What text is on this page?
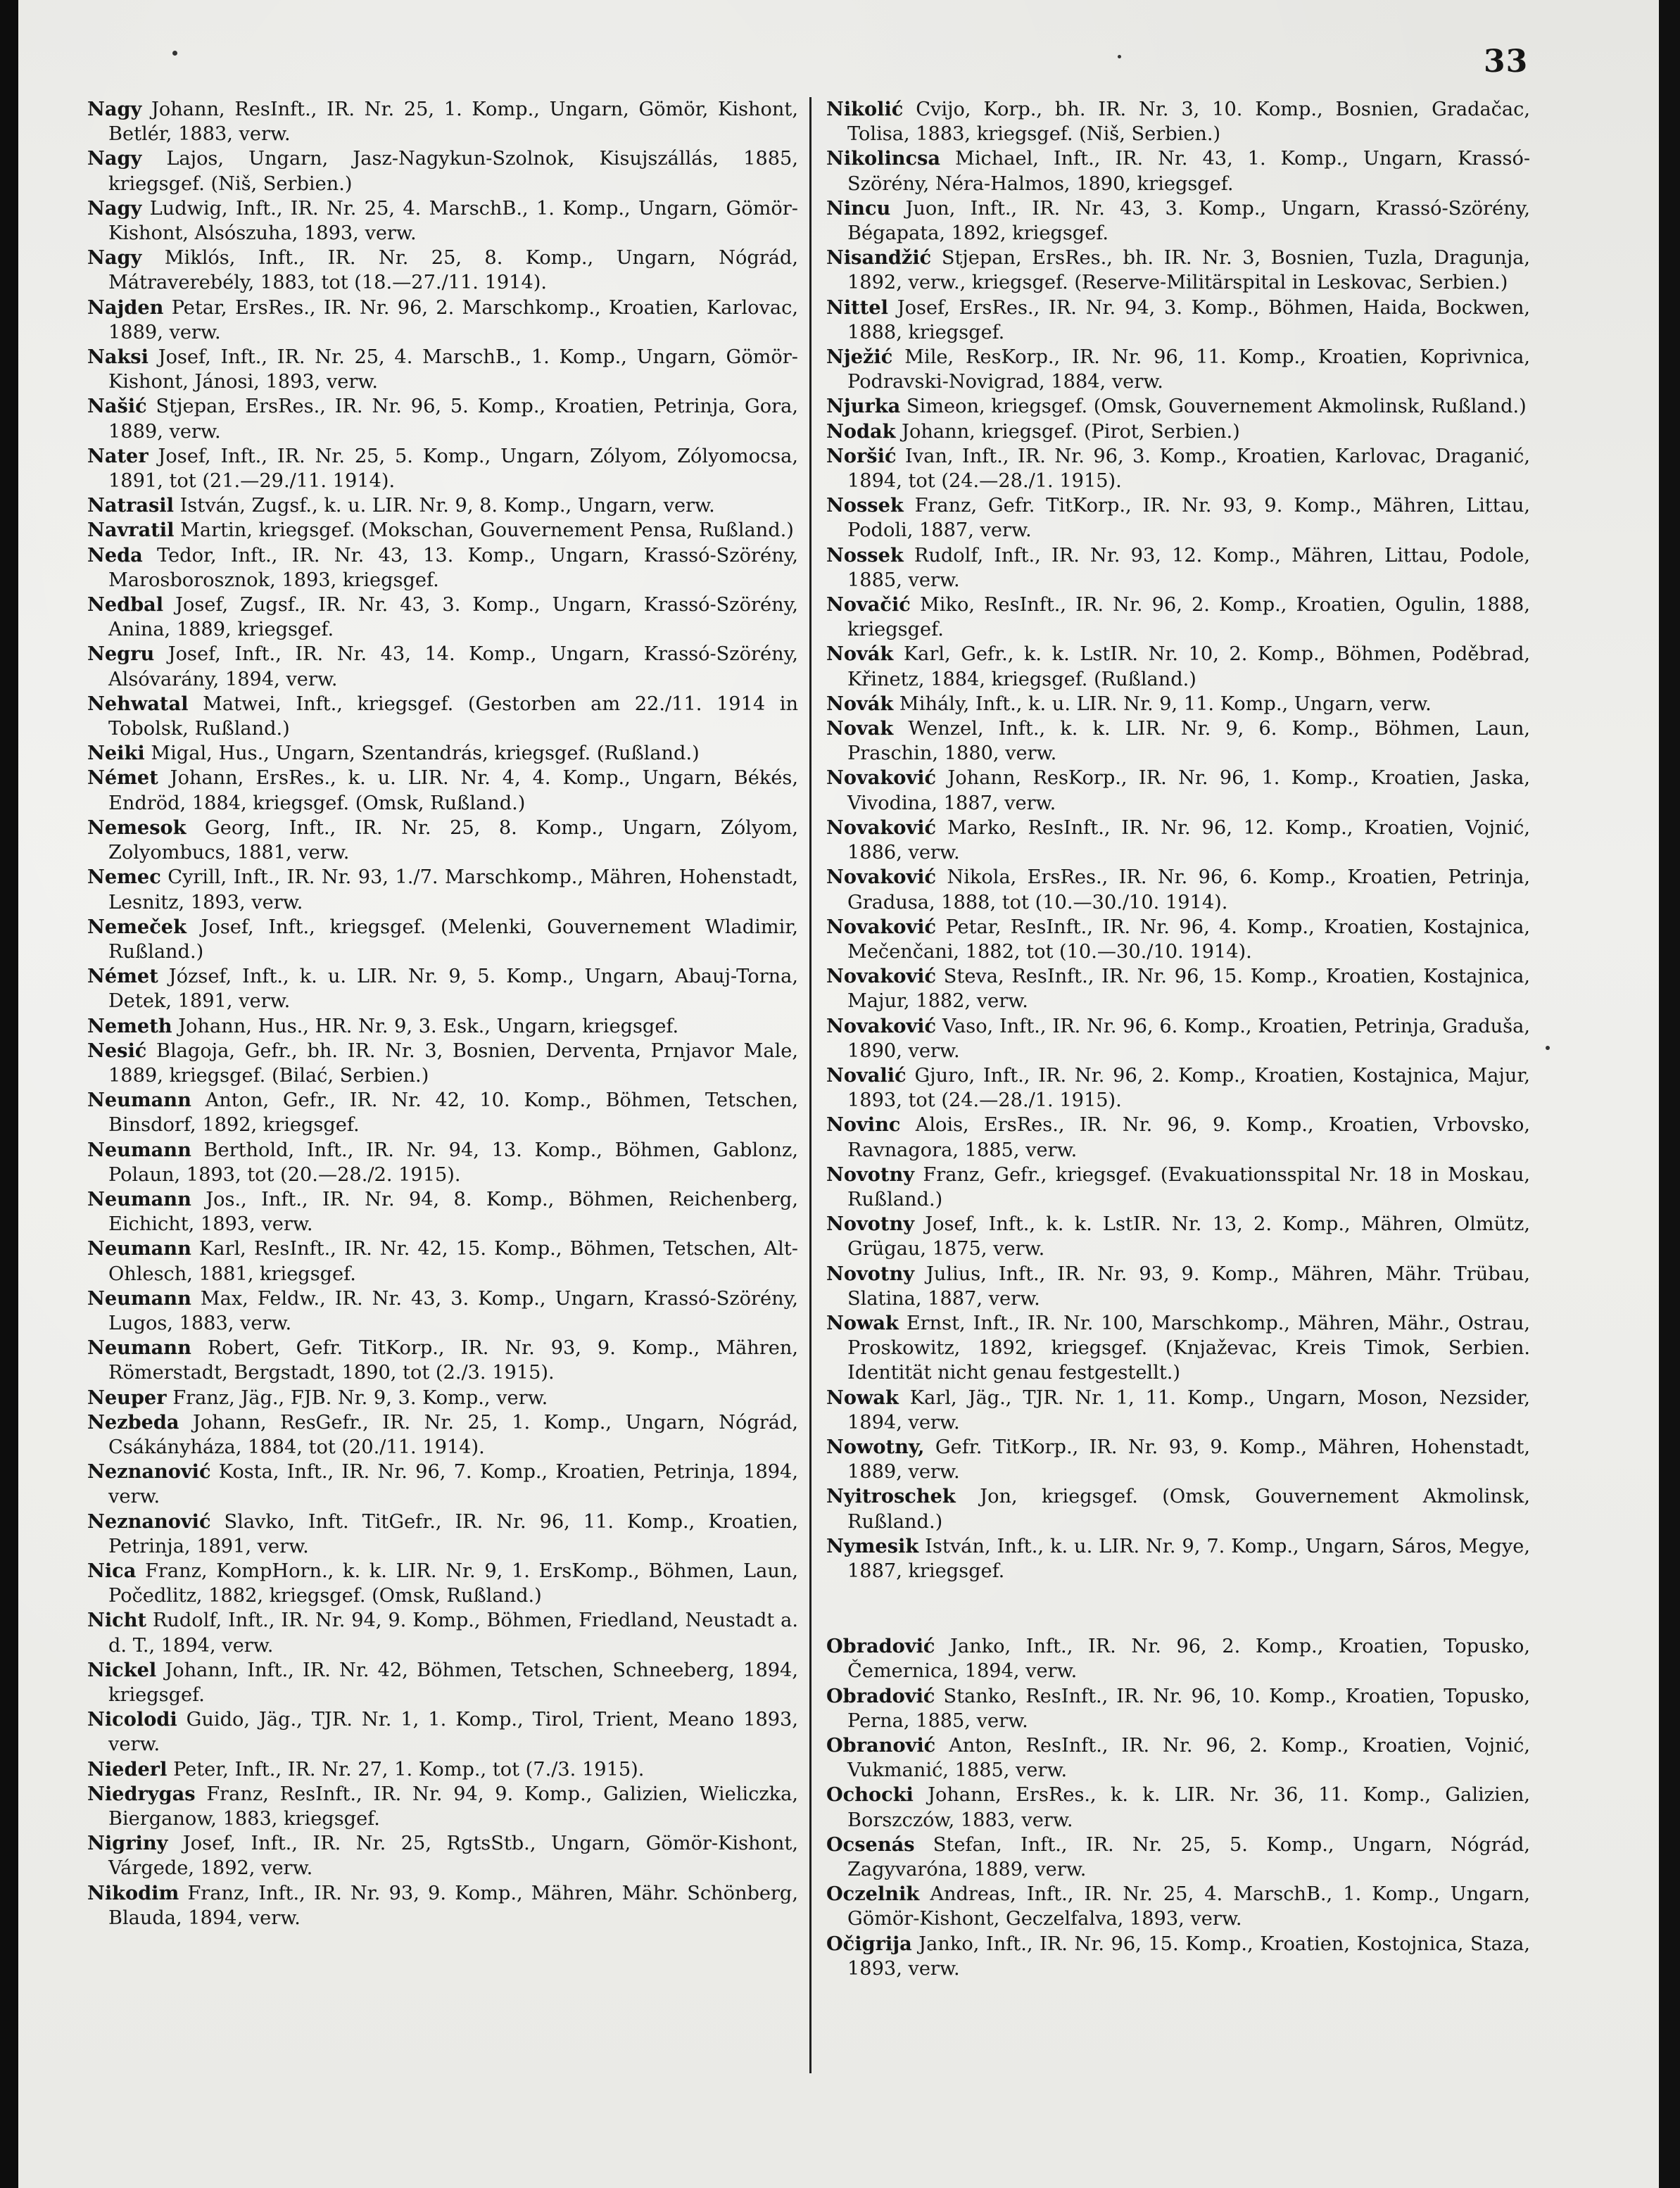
33
Nagy Johann, ResInft., IR. Nr. 25, 1. Komp., Ungarn, Gömör, Kishont, Betlér, 1883, verw.
Nagy Lajos, Ungarn, Jasz-Nagykun-Szolnok, Kisujszállás, 1885, kriegsgef. (Niš, Serbien.)
Nagy Ludwig, Inft., IR. Nr. 25, 4. MarschB., 1. Komp., Ungarn, Gömör-Kishont, Alsószuha, 1893, verw.
Nagy Miklós, Inft., IR. Nr. 25, 8. Komp., Ungarn, Nógrád, Mátraverebély, 1883, tot (18.—27./11. 1914).
Najden Petar, ErsRes., IR. Nr. 96, 2. Marschkomp., Kroatien, Karlovac, 1889, verw.
Naksi Josef, Inft., IR. Nr. 25, 4. MarschB., 1. Komp., Ungarn, Gömör-Kishont, Jánosi, 1893, verw.
Našić Stjepan, ErsRes., IR. Nr. 96, 5. Komp., Kroatien, Petrinja, Gora, 1889, verw.
Nater Josef, Inft., IR. Nr. 25, 5. Komp., Ungarn, Zólyom, Zólyomocsa, 1891, tot (21.—29./11. 1914).
Natrasil István, Zugsf., k. u. LIR. Nr. 9, 8. Komp., Ungarn, verw.
Navratil Martin, kriegsgef. (Mokschan, Gouvernement Pensa, Rußland.)
Neda Tedor, Inft., IR. Nr. 43, 13. Komp., Ungarn, Krassó-Szörény, Marosborosznok, 1893, kriegsgef.
Nedbal Josef, Zugsf., IR. Nr. 43, 3. Komp., Ungarn, Krassó-Szörény, Anina, 1889, kriegsgef.
Negru Josef, Inft., IR. Nr. 43, 14. Komp., Ungarn, Krassó-Szörény, Alsóvarány, 1894, verw.
Nehwatal Matwei, Inft., kriegsgef. (Gestorben am 22./11. 1914 in Tobolsk, Rußland.)
Neiki Migal, Hus., Ungarn, Szentandrás, kriegsgef. (Rußland.)
Német Johann, ErsRes., k. u. LIR. Nr. 4, 4. Komp., Ungarn, Békés, Endröd, 1884, kriegsgef. (Omsk, Rußland.)
Nemesok Georg, Inft., IR. Nr. 25, 8. Komp., Ungarn, Zólyom, Zolyombucs, 1881, verw.
Nemec Cyrill, Inft., IR. Nr. 93, 1./7. Marschkomp., Mähren, Hohenstadt, Lesnitz, 1893, verw.
Nemeček Josef, Inft., kriegsgef. (Melenki, Gouvernement Wladimir, Rußland.)
Német József, Inft., k. u. LIR. Nr. 9, 5. Komp., Ungarn, Abauj-Torna, Detek, 1891, verw.
Nemeth Johann, Hus., HR. Nr. 9, 3. Esk., Ungarn, kriegsgef.
Nesić Blagoja, Gefr., bh. IR. Nr. 3, Bosnien, Derventa, Prnjavor Male, 1889, kriegsgef. (Bilać, Serbien.)
Neumann Anton, Gefr., IR. Nr. 42, 10. Komp., Böhmen, Tetschen, Binsdorf, 1892, kriegsgef.
Neumann Berthold, Inft., IR. Nr. 94, 13. Komp., Böhmen, Gablonz, Polaun, 1893, tot (20.—28./2. 1915).
Neumann Jos., Inft., IR. Nr. 94, 8. Komp., Böhmen, Reichenberg, Eichicht, 1893, verw.
Neumann Karl, ResInft., IR. Nr. 42, 15. Komp., Böhmen, Tetschen, Alt-Ohlesch, 1881, kriegsgef.
Neumann Max, Feldw., IR. Nr. 43, 3. Komp., Ungarn, Krassó-Szörény, Lugos, 1883, verw.
Neumann Robert, Gefr. TitKorp., IR. Nr. 93, 9. Komp., Mähren, Römerstadt, Bergstadt, 1890, tot (2./3. 1915).
Neuper Franz, Jäg., FJB. Nr. 9, 3. Komp., verw.
Nezbeda Johann, ResGefr., IR. Nr. 25, 1. Komp., Ungarn, Nógrád, Csákányháza, 1884, tot (20./11. 1914).
Neznanović Kosta, Inft., IR. Nr. 96, 7. Komp., Kroatien, Petrinja, 1894, verw.
Neznanović Slavko, Inft. TitGefr., IR. Nr. 96, 11. Komp., Kroatien, Petrinja, 1891, verw.
Nica Franz, KompHorn., k. k. LIR. Nr. 9, 1. ErsKomp., Böhmen, Laun, Počedlitz, 1882, kriegsgef. (Omsk, Rußland.)
Nicht Rudolf, Inft., IR. Nr. 94, 9. Komp., Böhmen, Friedland, Neustadt a. d. T., 1894, verw.
Nickel Johann, Inft., IR. Nr. 42, Böhmen, Tetschen, Schneeberg, 1894, kriegsgef.
Nicolodi Guido, Jäg., TJR. Nr. 1, 1. Komp., Tirol, Trient, Meano 1893, verw.
Niederl Peter, Inft., IR. Nr. 27, 1. Komp., tot (7./3. 1915).
Niedrygas Franz, ResInft., IR. Nr. 94, 9. Komp., Galizien, Wieliczka, Bierganow, 1883, kriegsgef.
Nigriny Josef, Inft., IR. Nr. 25, RgtsStb., Ungarn, Gömör-Kishont, Várgede, 1892, verw.
Nikodim Franz, Inft., IR. Nr. 93, 9. Komp., Mähren, Mähr. Schönberg, Blauda, 1894, verw.
Nikolić Cvijo, Korp., bh. IR. Nr. 3, 10. Komp., Bosnien, Gradačac, Tolisa, 1883, kriegsgef. (Niš, Serbien.)
Nikolincsa Michael, Inft., IR. Nr. 43, 1. Komp., Ungarn, Krassó-Szörény, Néra-Halmos, 1890, kriegsgef.
Nincu Juon, Inft., IR. Nr. 43, 3. Komp., Ungarn, Krassó-Szörény, Bégapata, 1892, kriegsgef.
Nisandžić Stjepan, ErsRes., bh. IR. Nr. 3, Bosnien, Tuzla, Dragunja, 1892, verw., kriegsgef. (Reserve-Militärspital in Leskovac, Serbien.)
Nittel Josef, ErsRes., IR. Nr. 94, 3. Komp., Böhmen, Haida, Bockwen, 1888, kriegsgef.
Nježić Mile, ResKorp., IR. Nr. 96, 11. Komp., Kroatien, Koprivnica, Podravski-Novigrad, 1884, verw.
Njurka Simeon, kriegsgef. (Omsk, Gouvernement Akmolinsk, Rußland.)
Nodak Johann, kriegsgef. (Pirot, Serbien.)
Noršić Ivan, Inft., IR. Nr. 96, 3. Komp., Kroatien, Karlovac, Draganić, 1894, tot (24.—28./1. 1915).
Nossek Franz, Gefr. TitKorp., IR. Nr. 93, 9. Komp., Mähren, Littau, Podoli, 1887, verw.
Nossek Rudolf, Inft., IR. Nr. 93, 12. Komp., Mähren, Littau, Podole, 1885, verw.
Novačić Miko, ResInft., IR. Nr. 96, 2. Komp., Kroatien, Ogulin, 1888, kriegsgef.
Novák Karl, Gefr., k. k. LstIR. Nr. 10, 2. Komp., Böhmen, Poděbrad, Křinetz, 1884, kriegsgef. (Rußland.)
Novák Mihály, Inft., k. u. LIR. Nr. 9, 11. Komp., Ungarn, verw.
Novak Wenzel, Inft., k. k. LIR. Nr. 9, 6. Komp., Böhmen, Laun, Praschin, 1880, verw.
Novaković Johann, ResKorp., IR. Nr. 96, 1. Komp., Kroatien, Jaska, Vivodina, 1887, verw.
Novaković Marko, ResInft., IR. Nr. 96, 12. Komp., Kroatien, Vojnić, 1886, verw.
Novaković Nikola, ErsRes., IR. Nr. 96, 6. Komp., Kroatien, Petrinja, Gradusa, 1888, tot (10.—30./10. 1914).
Novaković Petar, ResInft., IR. Nr. 96, 4. Komp., Kroatien, Kostajnica, Mečenčani, 1882, tot (10.—30./10. 1914).
Novaković Steva, ResInft., IR. Nr. 96, 15. Komp., Kroatien, Kostajnica, Majur, 1882, verw.
Novaković Vaso, Inft., IR. Nr. 96, 6. Komp., Kroatien, Petrinja, Graduša, 1890, verw.
Novalić Gjuro, Inft., IR. Nr. 96, 2. Komp., Kroatien, Kostajnica, Majur, 1893, tot (24.—28./1. 1915).
Novinc Alois, ErsRes., IR. Nr. 96, 9. Komp., Kroatien, Vrbovsko, Ravnagora, 1885, verw.
Novotny Franz, Gefr., kriegsgef. (Evakuationsspital Nr. 18 in Moskau, Rußland.)
Novotny Josef, Inft., k. k. LstIR. Nr. 13, 2. Komp., Mähren, Olmütz, Grügau, 1875, verw.
Novotny Julius, Inft., IR. Nr. 93, 9. Komp., Mähren, Mähr. Trübau, Slatina, 1887, verw.
Nowak Ernst, Inft., IR. Nr. 100, Marschkomp., Mähren, Mähr., Ostrau, Proskowitz, 1892, kriegsgef. (Knjaževac, Kreis Timok, Serbien. Identität nicht genau festgestellt.)
Nowak Karl, Jäg., TJR. Nr. 1, 11. Komp., Ungarn, Moson, Nezsider, 1894, verw.
Nowotny, Gefr. TitKorp., IR. Nr. 93, 9. Komp., Mähren, Hohenstadt, 1889, verw.
Nyitroschek Jon, kriegsgef. (Omsk, Gouvernement Akmolinsk, Rußland.)
Nymesik István, Inft., k. u. LIR. Nr. 9, 7. Komp., Ungarn, Sáros, Megye, 1887, kriegsgef.
Obradović Janko, Inft., IR. Nr. 96, 2. Komp., Kroatien, Topusko, Čemernica, 1894, verw.
Obradović Stanko, ResInft., IR. Nr. 96, 10. Komp., Kroatien, Topusko, Perna, 1885, verw.
Obranović Anton, ResInft., IR. Nr. 96, 2. Komp., Kroatien, Vojnić, Vukmanić, 1885, verw.
Ochocki Johann, ErsRes., k. k. LIR. Nr. 36, 11. Komp., Galizien, Borszczów, 1883, verw.
Ocsenás Stefan, Inft., IR. Nr. 25, 5. Komp., Ungarn, Nógrád, Zagyvaróna, 1889, verw.
Oczelnik Andreas, Inft., IR. Nr. 25, 4. MarschB., 1. Komp., Ungarn, Gömör-Kishont, Geczelfalva, 1893, verw.
Očigrija Janko, Inft., IR. Nr. 96, 15. Komp., Kroatien, Kostojnica, Staza, 1893, verw.
